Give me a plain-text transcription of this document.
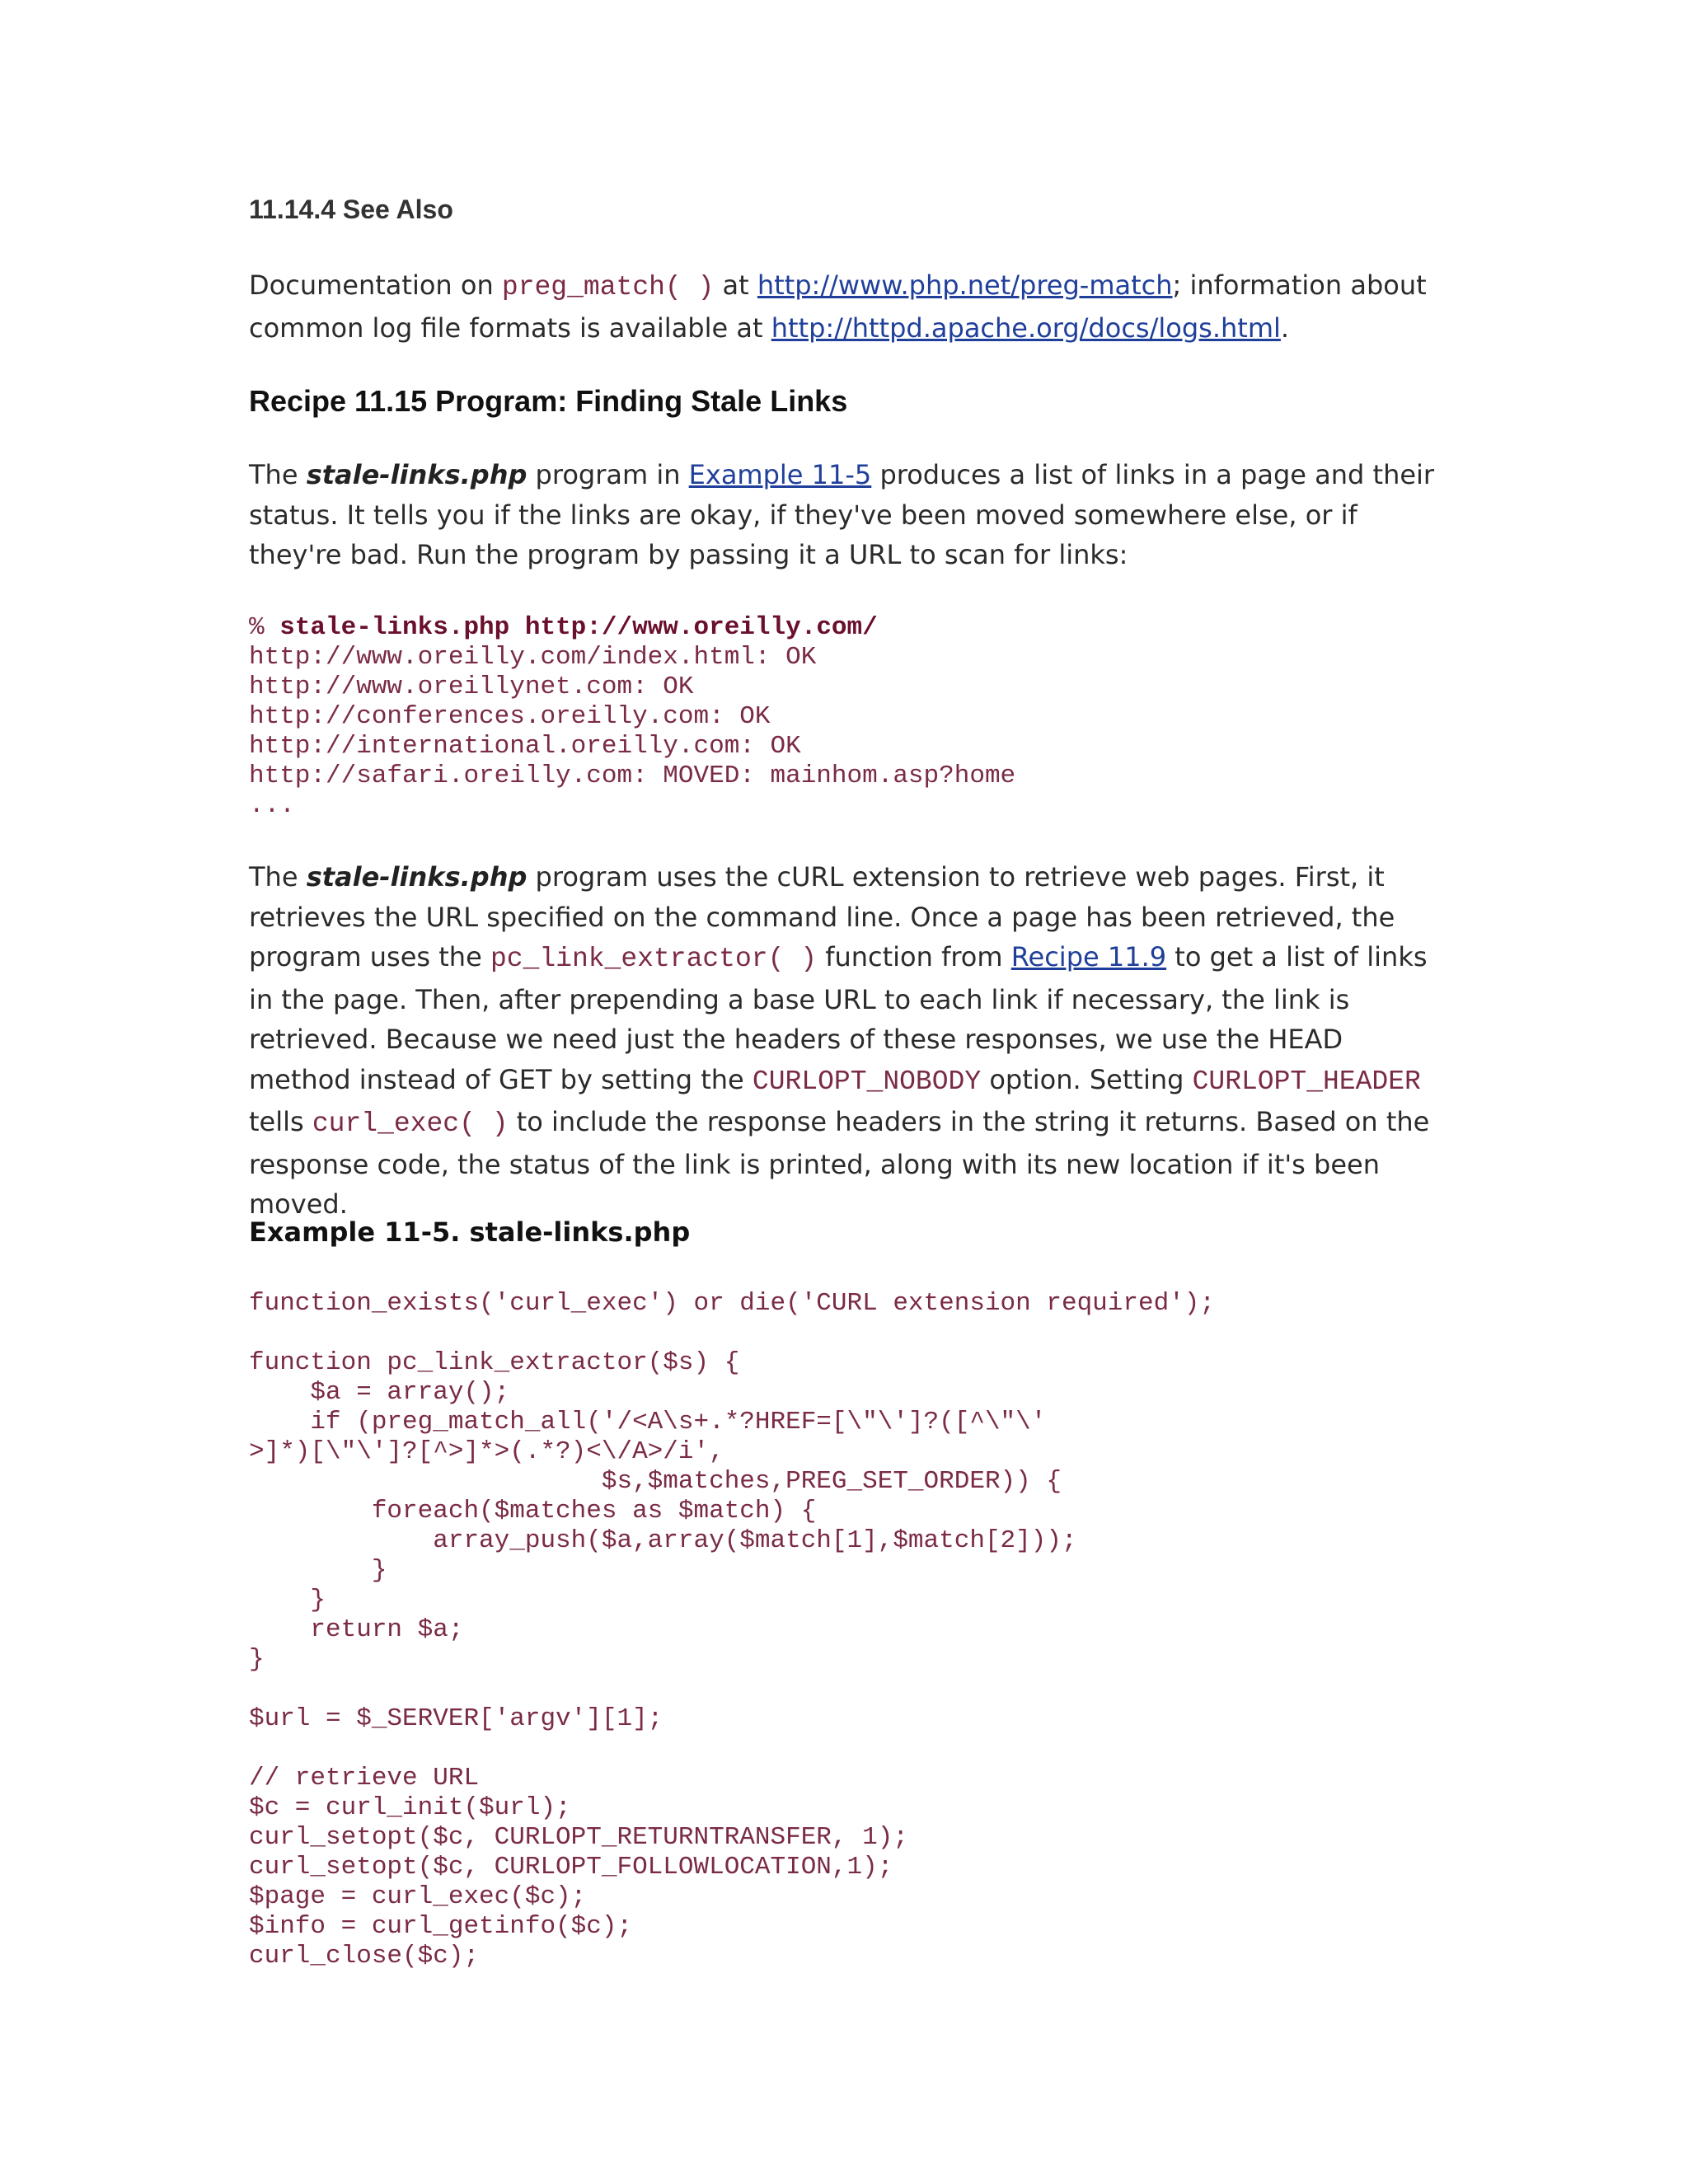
11.14.4 See Also

Documentation on preg_match( ) at http://www.php.net/preg-match; information about common log file formats is available at http://httpd.apache.org/docs/logs.html.

Recipe 11.15 Program: Finding Stale Links

The stale-links.php program in Example 11-5 produces a list of links in a page and their status. It tells you if the links are okay, if they've been moved somewhere else, or if they're bad. Run the program by passing it a URL to scan for links:

% stale-links.php http://www.oreilly.com/
http://www.oreilly.com/index.html: OK
http://www.oreillynet.com: OK
http://conferences.oreilly.com: OK
http://international.oreilly.com: OK
http://safari.oreilly.com: MOVED: mainhom.asp?home
...

The stale-links.php program uses the cURL extension to retrieve web pages. First, it retrieves the URL specified on the command line. Once a page has been retrieved, the program uses the pc_link_extractor( ) function from Recipe 11.9 to get a list of links in the page. Then, after prepending a base URL to each link if necessary, the link is retrieved. Because we need just the headers of these responses, we use the HEAD method instead of GET by setting the CURLOPT_NOBODY option. Setting CURLOPT_HEADER tells curl_exec( ) to include the response headers in the string it returns. Based on the response code, the status of the link is printed, along with its new location if it's been moved.

Example 11-5. stale-links.php
function_exists('curl_exec') or die('CURL extension required');

function pc_link_extractor($s) {
$a = array();
if (preg_match_all('/<A\s+.*?HREF=[\"\']?([^\"\'
>]*)[\"\']?[^>]*>(.*?)<\/A>/i',
$s,$matches,PREG_SET_ORDER)) {
foreach($matches as $match) {
array_push($a,array($match[1],$match[2]));
}
}
return $a;
}

$url = $_SERVER['argv'][1];

// retrieve URL
$c = curl_init($url);
curl_setopt($c, CURLOPT_RETURNTRANSFER, 1);
curl_setopt($c, CURLOPT_FOLLOWLOCATION,1);
$page = curl_exec($c);
$info = curl_getinfo($c);
curl_close($c);
